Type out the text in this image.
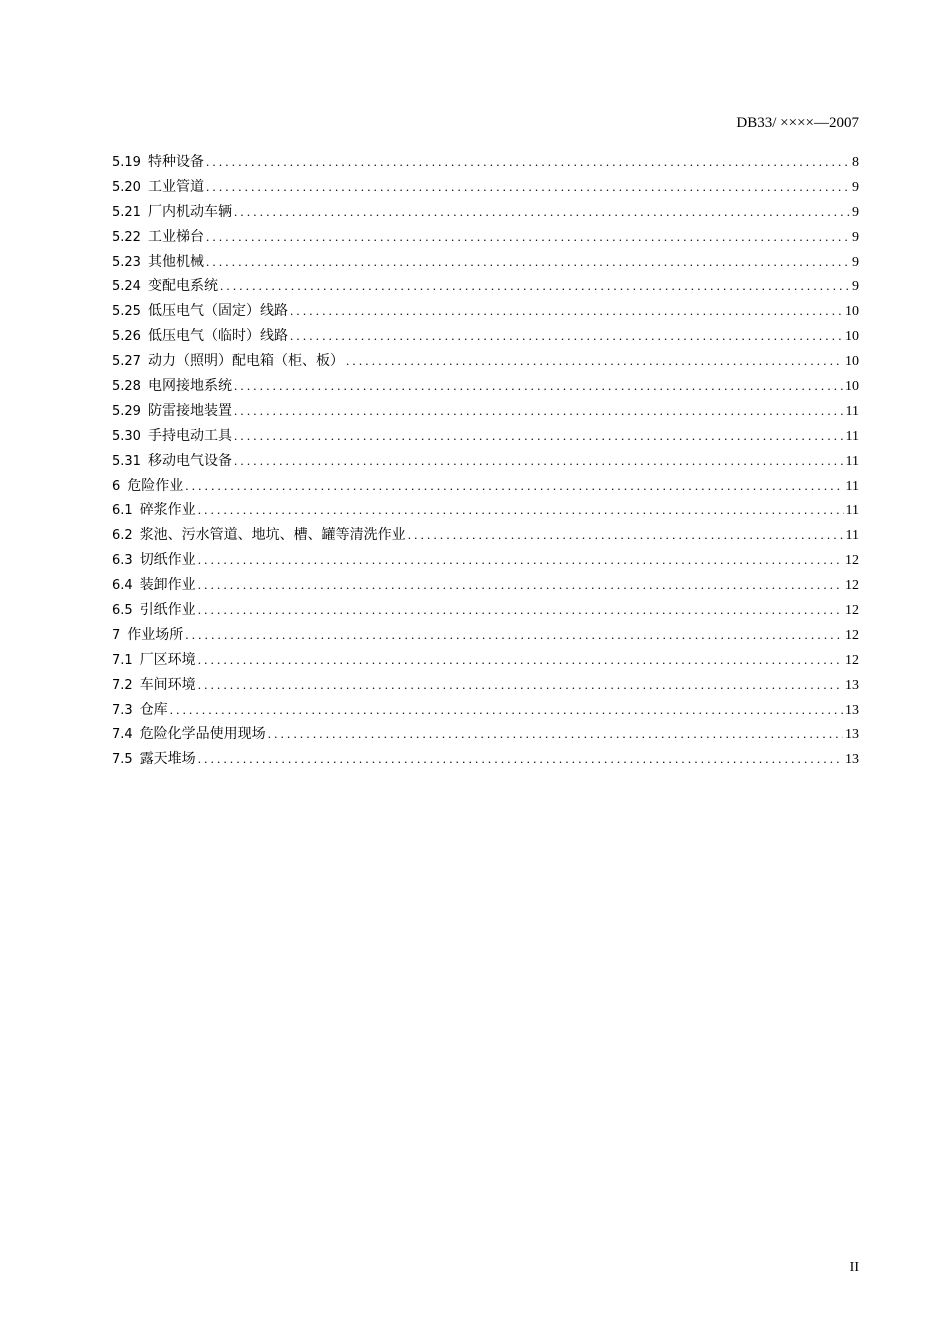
DB33/ ××××—2007
5.19 特种设备 .....	8
5.20 工业管道 .....	9
5.21 厂内机动车辆 .....	9
5.22 工业梯台 .....	9
5.23 其他机械 .....	9
5.24 变配电系统 .....	9
5.25 低压电气（固定）线路 .....	10
5.26 低压电气（临时）线路 .....	10
5.27 动力（照明）配电箱（柜、板） .....	10
5.28 电网接地系统 .....	10
5.29 防雷接地装置 .....	11
5.30 手持电动工具 .....	11
5.31 移动电气设备 .....	11
6 危险作业 .....	11
6.1 碎浆作业 .....	11
6.2 浆池、污水管道、地坑、槽、罐等清洗作业 .....	11
6.3 切纸作业 .....	12
6.4 装卸作业 .....	12
6.5 引纸作业 .....	12
7 作业场所 .....	12
7.1 厂区环境 .....	12
7.2 车间环境 .....	13
7.3 仓库 .....	13
7.4 危险化学品使用现场 .....	13
7.5 露天堆场 .....	13
II
